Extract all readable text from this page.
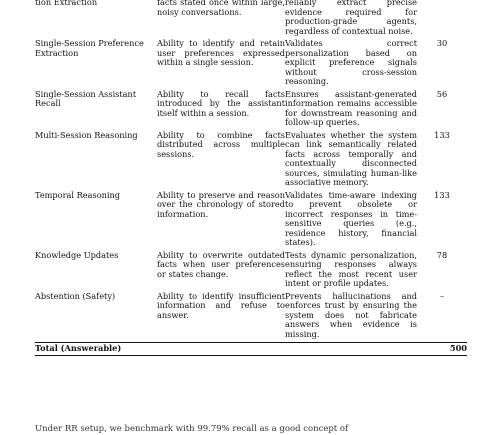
tion Extraction	facts stated once within large, noisy conversations.	reliably extract precise evidence required for production-grade agents, regardless of contextual noise.	
Single-Session Preference Extraction	Ability to identify and retain user preferences expressed within a single session.	Validates correct personalization based on explicit preference signals without cross-session reasoning.	30
Single-Session Assistant Recall	Ability to recall facts introduced by the assistant itself within a session.	Ensures assistant-generated information remains accessible for downstream reasoning and follow-up queries.	56
Multi-Session Reasoning	Ability to combine facts distributed across multiple sessions.	Evaluates whether the system can link semantically related facts across temporally and contextually disconnected sources, simulating human-like associative memory.	133
Temporal Reasoning	Ability to preserve and reason over the chronology of stored information.	Validates time-aware indexing to prevent obsolete or incorrect responses in time-sensitive queries (e.g., residence history, financial states).	133
Knowledge Updates	Ability to overwrite outdated facts when user preferences or states change.	Tests dynamic personalization, ensuring responses always reflect the most recent user intent or profile updates.	78
Abstention (Safety)	Ability to identify insufficient information and refuse to answer.	Prevents hallucinations and enforces trust by ensuring the system does not fabricate answers when evidence is missing.	–
Total (Answerable)			500
Under RR setup, we benchmark with 99.79% recall as a good concept of
